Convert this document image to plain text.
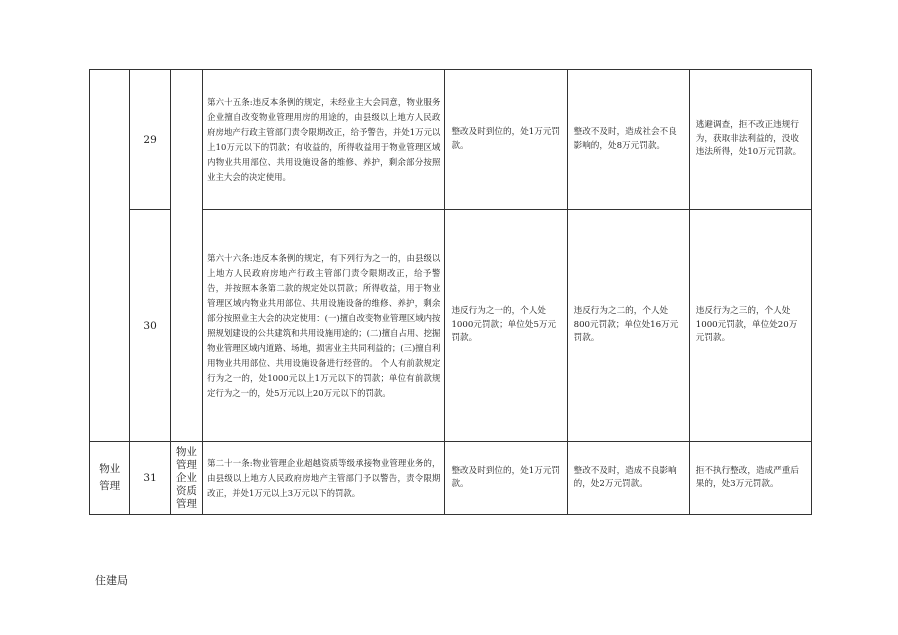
	29		第六十五条:违反本条例的规定，未经业主大会同意，物业服务企业擅自改变物业管理用房的用途的，由县级以上地方人民政府房地产行政主管部门责令限期改正，给予警告，并处1万元以上10万元以下的罚款；有收益的，所得收益用于物业管理区域内物业共用部位、共用设施设备的维修、养护，剩余部分按照业主大会的决定使用。	整改及时到位的，处1万元罚款。	整改不及时，造成社会不良影响的，处8万元罚款。	逃避调查，拒不改正违规行为，获取非法利益的，没收违法所得，处10万元罚款。
	30		第六十六条:违反本条例的规定，有下列行为之一的，由县级以上地方人民政府房地产行政主管部门责令限期改正，给予警告，并按照本条第二款的规定处以罚款；所得收益，用于物业管理区域内物业共用部位、共用设施设备的维修、养护，剩余部分按照业主大会的决定使用：(一)擅自改变物业管理区域内按照规划建设的公共建筑和共用设施用途的；(二)擅自占用、挖掘物业管理区域内道路、场地，损害业主共同利益的；(三)擅自利用物业共用部位、共用设施设备进行经营的。 个人有前款规定行为之一的，处1000元以上1万元以下的罚款；单位有前款规定行为之一的，处5万元以上20万元以下的罚款。	违反行为之一的，个人处1000元罚款；单位处5万元罚款。	违反行为之二的，个人处800元罚款；单位处16万元罚款。	违反行为之三的，个人处1000元罚款，单位处20万元罚款。
物业管理	31	物业管理企业资质管理	第二十一条:物业管理企业超越资质等级承接物业管理业务的，由县级以上地方人民政府房地产主管部门予以警告，责令限期改正，并处1万元以上3万元以下的罚款。	整改及时到位的，处1万元罚款。	整改不及时，造成不良影响的，处2万元罚款。	拒不执行整改，造成严重后果的，处3万元罚款。
住建局
